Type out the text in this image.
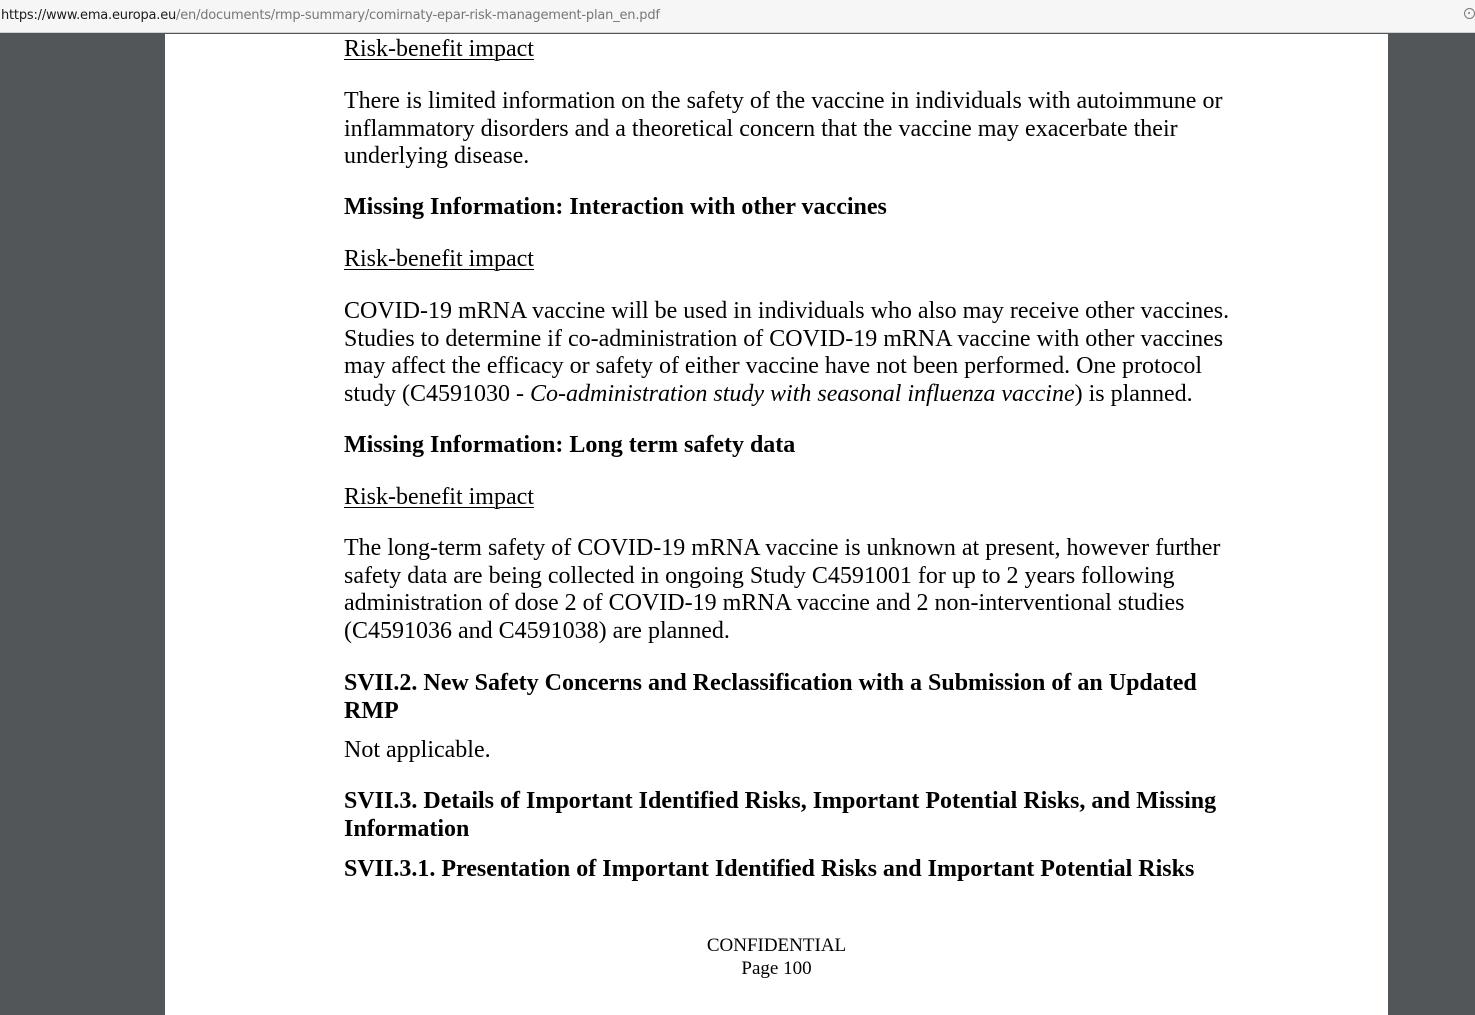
https://www.ema.europa.eu/en/documents/rmp-summary/comirnaty-epar-risk-management-plan_en.pdf

Risk-benefit impact

There is limited information on the safety of the vaccine in individuals with autoimmune or inflammatory disorders and a theoretical concern that the vaccine may exacerbate their underlying disease.

Missing Information: Interaction with other vaccines

Risk-benefit impact

COVID-19 mRNA vaccine will be used in individuals who also may receive other vaccines. Studies to determine if co-administration of COVID-19 mRNA vaccine with other vaccines may affect the efficacy or safety of either vaccine have not been performed. One protocol study (C4591030 - Co-administration study with seasonal influenza vaccine) is planned.

Missing Information: Long term safety data

Risk-benefit impact

The long-term safety of COVID-19 mRNA vaccine is unknown at present, however further safety data are being collected in ongoing Study C4591001 for up to 2 years following administration of dose 2 of COVID-19 mRNA vaccine and 2 non-interventional studies (C4591036 and C4591038) are planned.

SVII.2. New Safety Concerns and Reclassification with a Submission of an Updated RMP

Not applicable.

SVII.3. Details of Important Identified Risks, Important Potential Risks, and Missing Information

SVII.3.1. Presentation of Important Identified Risks and Important Potential Risks

CONFIDENTIAL
Page 100
